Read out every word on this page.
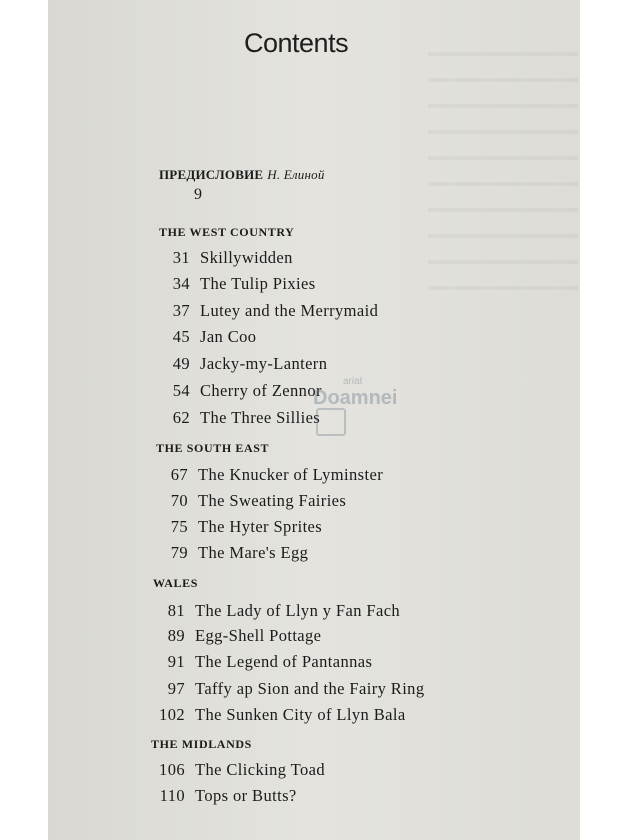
Contents
ПРЕДИСЛОВИЕ Н. Елиной
9
THE WEST COUNTRY
31 Skillywidden
34 The Tulip Pixies
37 Lutey and the Merrymaid
45 Jan Coo
49 Jacky-my-Lantern
54 Cherry of Zennor
62 The Three Sillies
THE SOUTH EAST
67 The Knucker of Lyminster
70 The Sweating Fairies
75 The Hyter Sprites
79 The Mare's Egg
WALES
81 The Lady of Llyn y Fan Fach
89 Egg-Shell Pottage
91 The Legend of Pantannas
97 Taffy ap Sion and the Fairy Ring
102 The Sunken City of Llyn Bala
THE MIDLANDS
106 The Clicking Toad
110 Tops or Butts?
ariat
Doamnei
